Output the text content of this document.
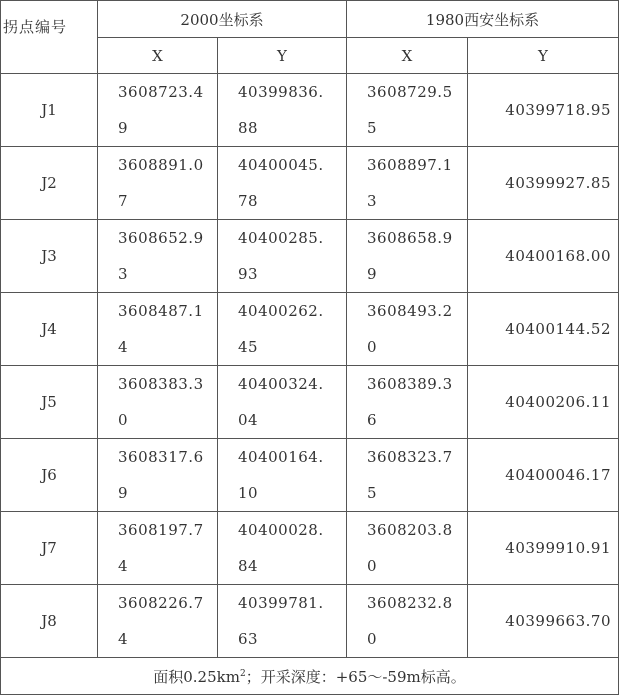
拐点编号	2000坐标系		1980西安坐标系	
	X	Y	X	Y
J1	3608723.49	40399836.88	3608729.55	40399718.95
J2	3608891.07	40400045.78	3608897.13	40399927.85
J3	3608652.93	40400285.93	3608658.99	40400168.00
J4	3608487.14	40400262.45	3608493.20	40400144.52
J5	3608383.30	40400324.04	3608389.36	40400206.11
J6	3608317.69	40400164.10	3608323.75	40400046.17
J7	3608197.74	40400028.84	3608203.80	40399910.91
J8	3608226.74	40399781.63	3608232.80	40399663.70
面积$0.25km^2$；开采深度：+65～-59m标高。				
